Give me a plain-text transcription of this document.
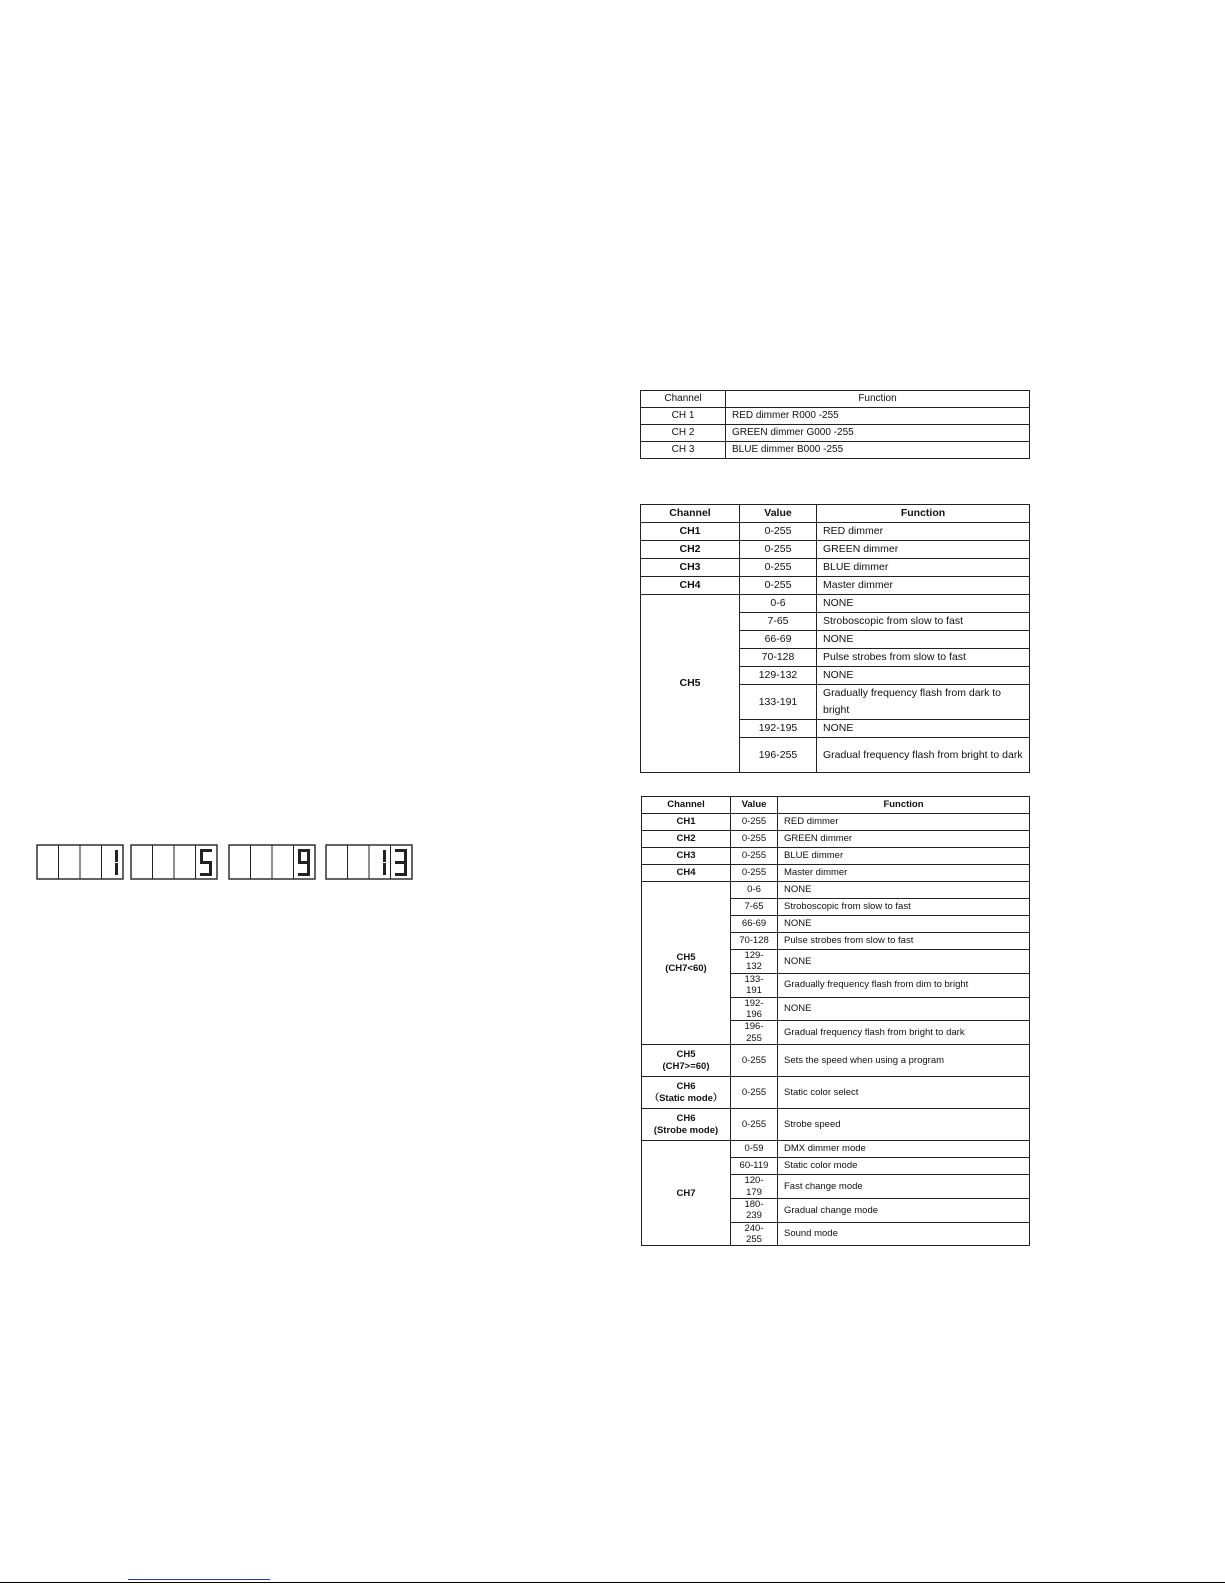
Channel	Function
CH 1	RED dimmer R000 -255
CH 2	GREEN dimmer G000 -255
CH 3	BLUE dimmer B000 -255
Channel	Value	Function
CH1	0-255	RED dimmer
CH2	0-255	GREEN dimmer
CH3	0-255	BLUE dimmer
CH4	0-255	Master dimmer
CH5	0-6	NONE
	7-65	Stroboscopic from slow to fast
	66-69	NONE
	70-128	Pulse strobes from slow to fast
	129-132	NONE
	133-191	Gradually frequency flash from dark to bright
	192-195	NONE
	196-255	Gradual frequency flash from bright to dark
Channel	Value	Function
CH1	0-255	RED dimmer
CH2	0-255	GREEN dimmer
CH3	0-255	BLUE dimmer
CH4	0-255	Master dimmer
CH5
(CH7<60)	0-6	NONE
	7-65	Stroboscopic from slow to fast
	66-69	NONE
	70-128	Pulse strobes from slow to fast
	129-132	NONE
	133-191	Gradually frequency flash from dim to bright
	192-196	NONE
	196-255	Gradual frequency flash from bright to dark
CH5
(CH7>=60)	0-255	Sets the speed when using a program
CH6
（Static mode）	0-255	Static color select
CH6
(Strobe mode)	0-255	Strobe speed
CH7	0-59	DMX dimmer mode
	60-119	Static color mode
	120-179	Fast change mode
	180-239	Gradual change mode
	240-255	Sound mode
